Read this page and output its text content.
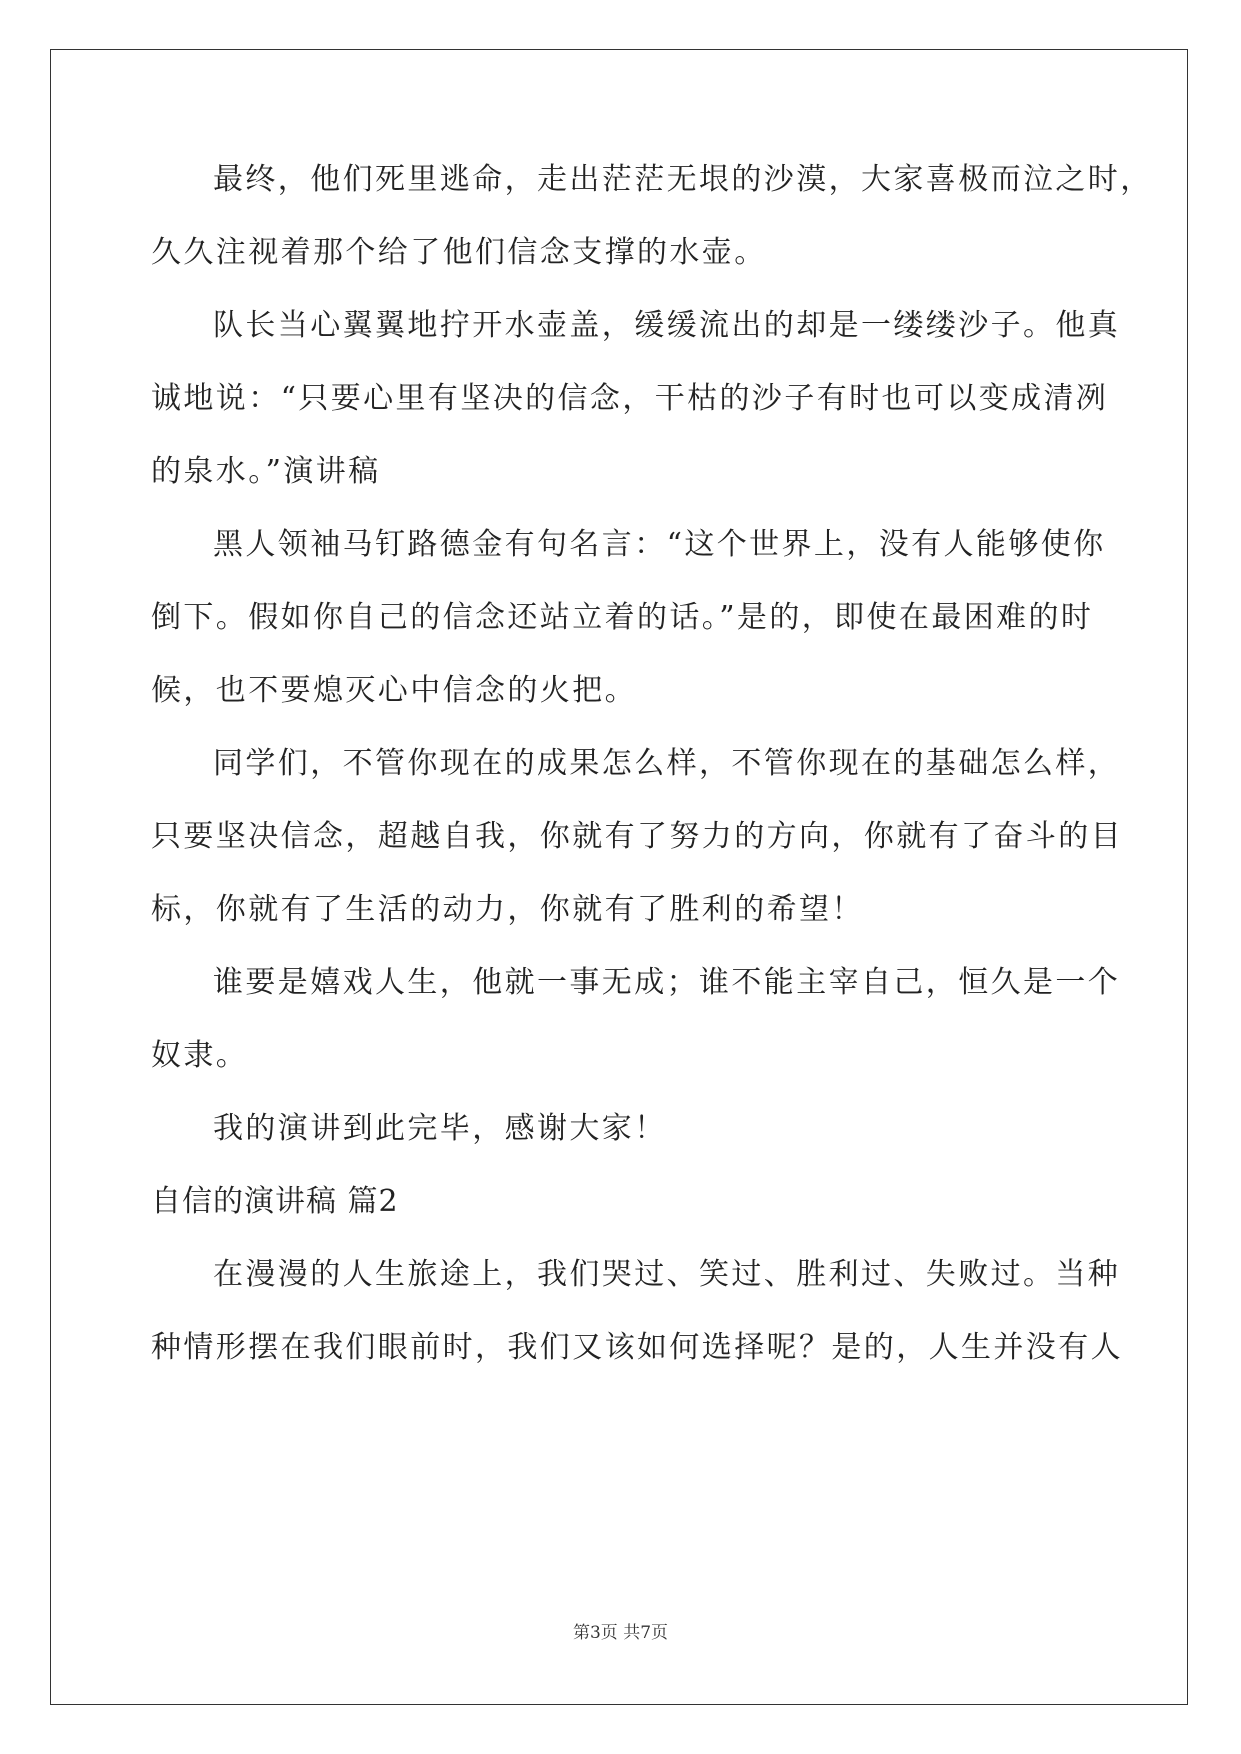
最终，他们死里逃命，走出茫茫无垠的沙漠，大家喜极而泣之时，
久久注视着那个给了他们信念支撑的水壶。
队长当心翼翼地拧开水壶盖，缓缓流出的却是一缕缕沙子。他真
诚地说：“只要心里有坚决的信念，干枯的沙子有时也可以变成清冽
的泉水。”演讲稿
黑人领袖马钉路德金有句名言：“这个世界上，没有人能够使你
倒下。假如你自己的信念还站立着的话。”是的，即使在最困难的时
候，也不要熄灭心中信念的火把。
同学们，不管你现在的成果怎么样，不管你现在的基础怎么样，
只要坚决信念，超越自我，你就有了努力的方向，你就有了奋斗的目
标，你就有了生活的动力，你就有了胜利的希望！
谁要是嬉戏人生，他就一事无成；谁不能主宰自己，恒久是一个
奴隶。
我的演讲到此完毕，感谢大家！
自信的演讲稿 篇2
在漫漫的人生旅途上，我们哭过、笑过、胜利过、失败过。当种
种情形摆在我们眼前时，我们又该如何选择呢？是的，人生并没有人
第3页 共7页
